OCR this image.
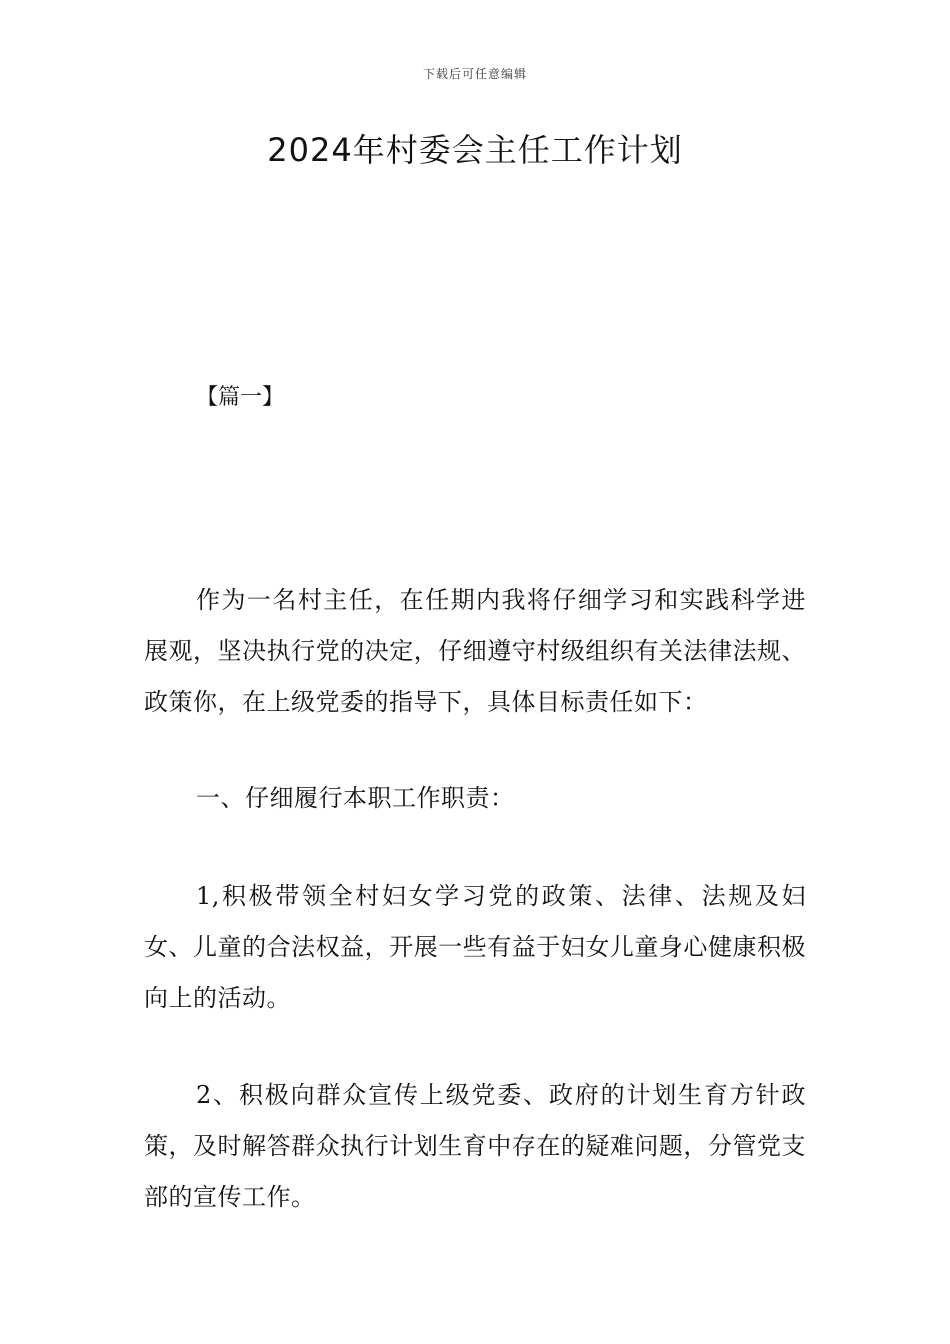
下载后可任意编辑
2024年村委会主任工作计划
【篇一】

作为一名村主任，在任期内我将仔细学习和实践科学进展观，坚决执行党的决定，仔细遵守村级组织有关法律法规、政策你，在上级党委的指导下，具体目标责任如下：

一、仔细履行本职工作职责：

1,积极带领全村妇女学习党的政策、法律、法规及妇女、儿童的合法权益，开展一些有益于妇女儿童身心健康积极向上的活动。

2、积极向群众宣传上级党委、政府的计划生育方针政策，及时解答群众执行计划生育中存在的疑难问题，分管党支部的宣传工作。
